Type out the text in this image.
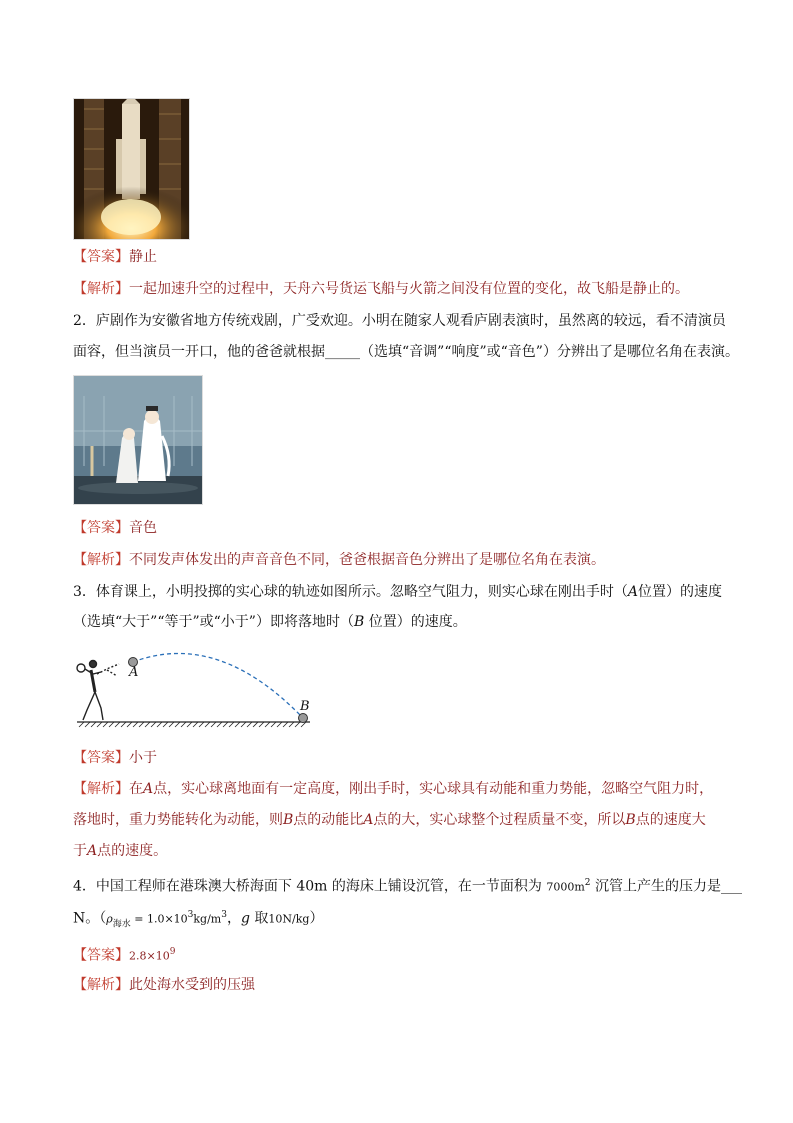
【答案】静止
【解析】一起加速升空的过程中，天舟六号货运飞船与火箭之间没有位置的变化，故飞船是静止的。
2．庐剧作为安徽省地方传统戏剧，广受欢迎。小明在随家人观看庐剧表演时，虽然离的较远，看不清演员
面容，但当演员一开口，他的爸爸就根据_____（选填“音调”“响度”或“音色”）分辨出了是哪位名角在表演。
【答案】音色
【解析】不同发声体发出的声音音色不同，爸爸根据音色分辨出了是哪位名角在表演。
3．体育课上，小明投掷的实心球的轨迹如图所示。忽略空气阻力，则实心球在刚出手时（A位置）的速度
（选填“大于”“等于”或“小于”）即将落地时（B 位置）的速度。
A
B
【答案】小于
【解析】在A点，实心球离地面有一定高度，刚出手时，实心球具有动能和重力势能，忽略空气阻力时，
落地时，重力势能转化为动能，则B点的动能比A点的大，实心球整个过程质量不变，所以B点的速度大
于A点的速度。
4．中国工程师在港珠澳大桥海面下 40m 的海床上铺设沉管，在一节面积为 $7000m^2$ 沉管上产生的压力是___
N。（$\rho_{海水} = 1.0\times 10^3kg/m^3$，g 取10N/kg）
【答案】$2.8\times 10^9$
【解析】此处海水受到的压强
